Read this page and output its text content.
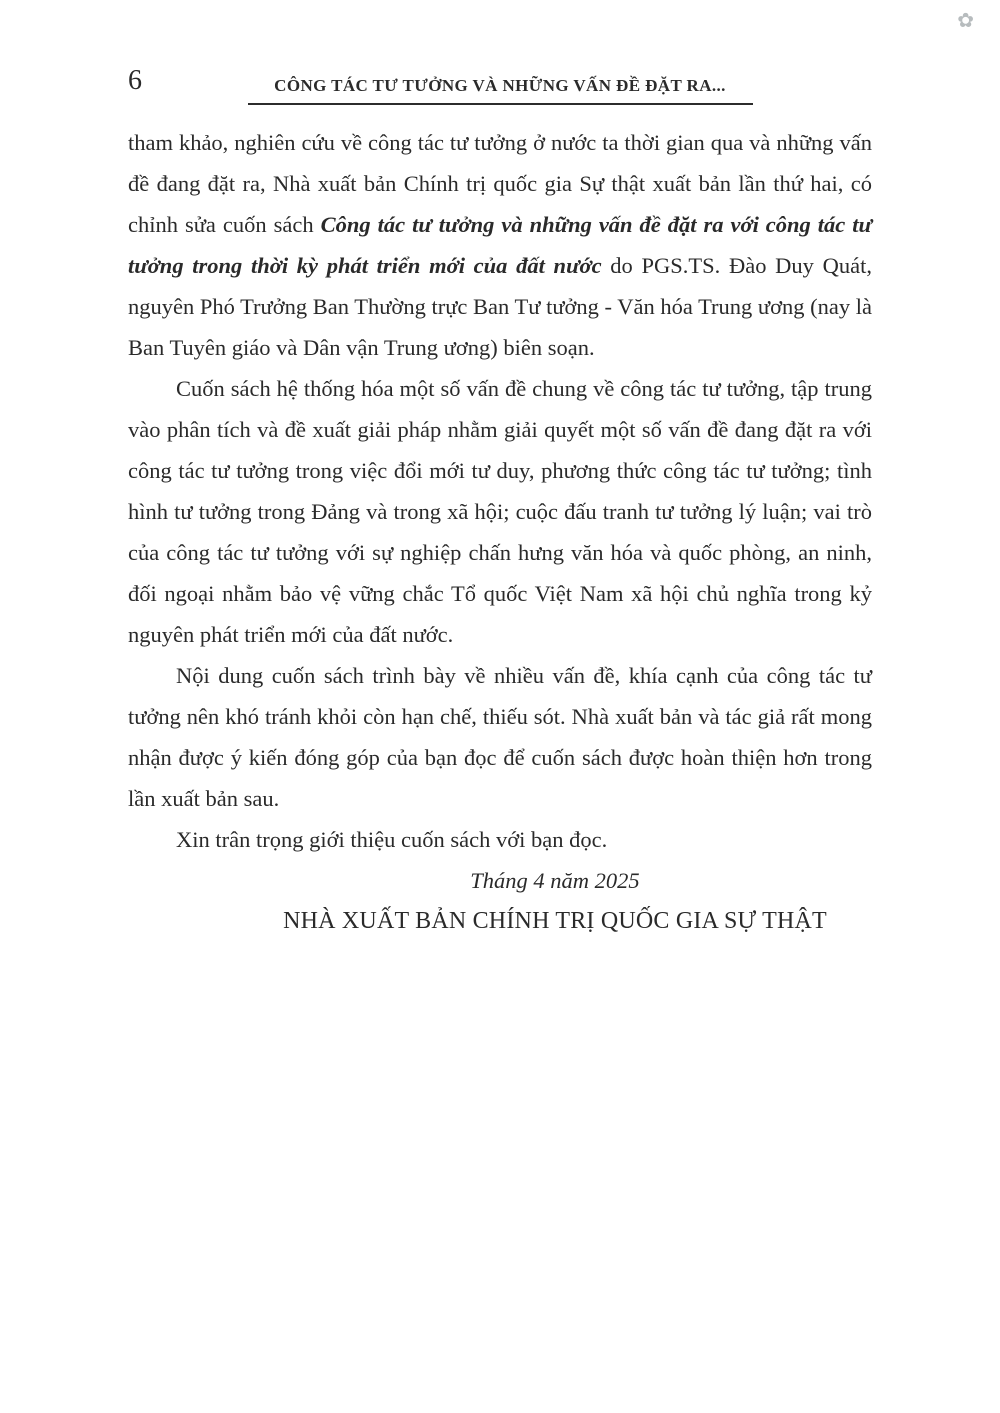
✿
6	CÔNG TÁC TƯ TƯỞNG VÀ NHỮNG VẤN ĐỀ ĐẶT RA...

tham khảo, nghiên cứu về công tác tư tưởng ở nước ta thời gian qua và những vấn đề đang đặt ra, Nhà xuất bản Chính trị quốc gia Sự thật xuất bản lần thứ hai, có chỉnh sửa cuốn sách Công tác tư tưởng và những vấn đề đặt ra với công tác tư tưởng trong thời kỳ phát triển mới của đất nước do PGS.TS. Đào Duy Quát, nguyên Phó Trưởng Ban Thường trực Ban Tư tưởng - Văn hóa Trung ương (nay là Ban Tuyên giáo và Dân vận Trung ương) biên soạn.

Cuốn sách hệ thống hóa một số vấn đề chung về công tác tư tưởng, tập trung vào phân tích và đề xuất giải pháp nhằm giải quyết một số vấn đề đang đặt ra với công tác tư tưởng trong việc đổi mới tư duy, phương thức công tác tư tưởng; tình hình tư tưởng trong Đảng và trong xã hội; cuộc đấu tranh tư tưởng lý luận; vai trò của công tác tư tưởng với sự nghiệp chấn hưng văn hóa và quốc phòng, an ninh, đối ngoại nhằm bảo vệ vững chắc Tổ quốc Việt Nam xã hội chủ nghĩa trong kỷ nguyên phát triển mới của đất nước.

Nội dung cuốn sách trình bày về nhiều vấn đề, khía cạnh của công tác tư tưởng nên khó tránh khỏi còn hạn chế, thiếu sót. Nhà xuất bản và tác giả rất mong nhận được ý kiến đóng góp của bạn đọc để cuốn sách được hoàn thiện hơn trong lần xuất bản sau.

Xin trân trọng giới thiệu cuốn sách với bạn đọc.

Tháng 4 năm 2025

NHÀ XUẤT BẢN CHÍNH TRỊ QUỐC GIA SỰ THẬT
